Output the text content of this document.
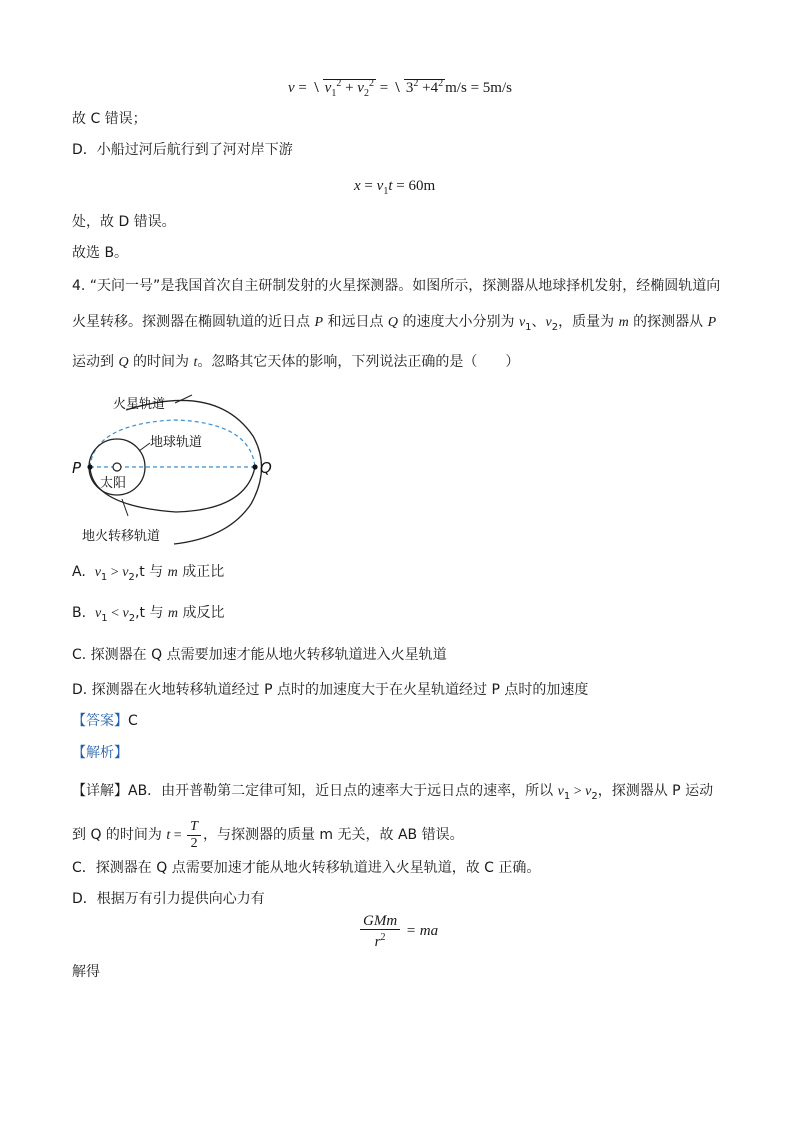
$v = v_1^2 + v_2^2 = 3^2 +4^2$ m/s = 5m/s
故 C 错误；
D．小船过河后航行到了河对岸下游
$x = v_1t = 60m$
处，故 D 错误。
故选 B。
4. “天问一号”是我国首次自主研制发射的火星探测器。如图所示，探测器从地球择机发射，经椭圆轨道向
火星转移。探测器在椭圆轨道的近日点 P 和远日点 Q 的速度大小分别为 $v_1$、$v_2$，质量为 m 的探测器从 P
运动到 Q 的时间为 t。忽略其它天体的影响，下列说法正确的是（　　）
火星轨道
地球轨道
太阳
P	Q
地火转移轨道
A. $v_1 > v_2,t$ 与 m 成正比
B. $v_1 < v_2,t$ 与 m 成反比
C. 探测器在 Q 点需要加速才能从地火转移轨道进入火星轨道
D. 探测器在火地转移轨道经过 P 点时的加速度大于在火星轨道经过 P 点时的加速度
【答案】C
【解析】
【详解】AB．由开普勒第二定律可知，近日点的速率大于远日点的速率，所以 $v_1 > v_2$，探测器从 P 运动
到 Q 的时间为 $t = \frac{T}{2}$ ，与探测器的质量 m 无关，故 AB 错误。
C．探测器在 Q 点需要加速才能从地火转移轨道进入火星轨道，故 C 正确。
D．根据万有引力提供向心力有
$\frac{\text{GMm}}{r^2}$ = ma
解得
